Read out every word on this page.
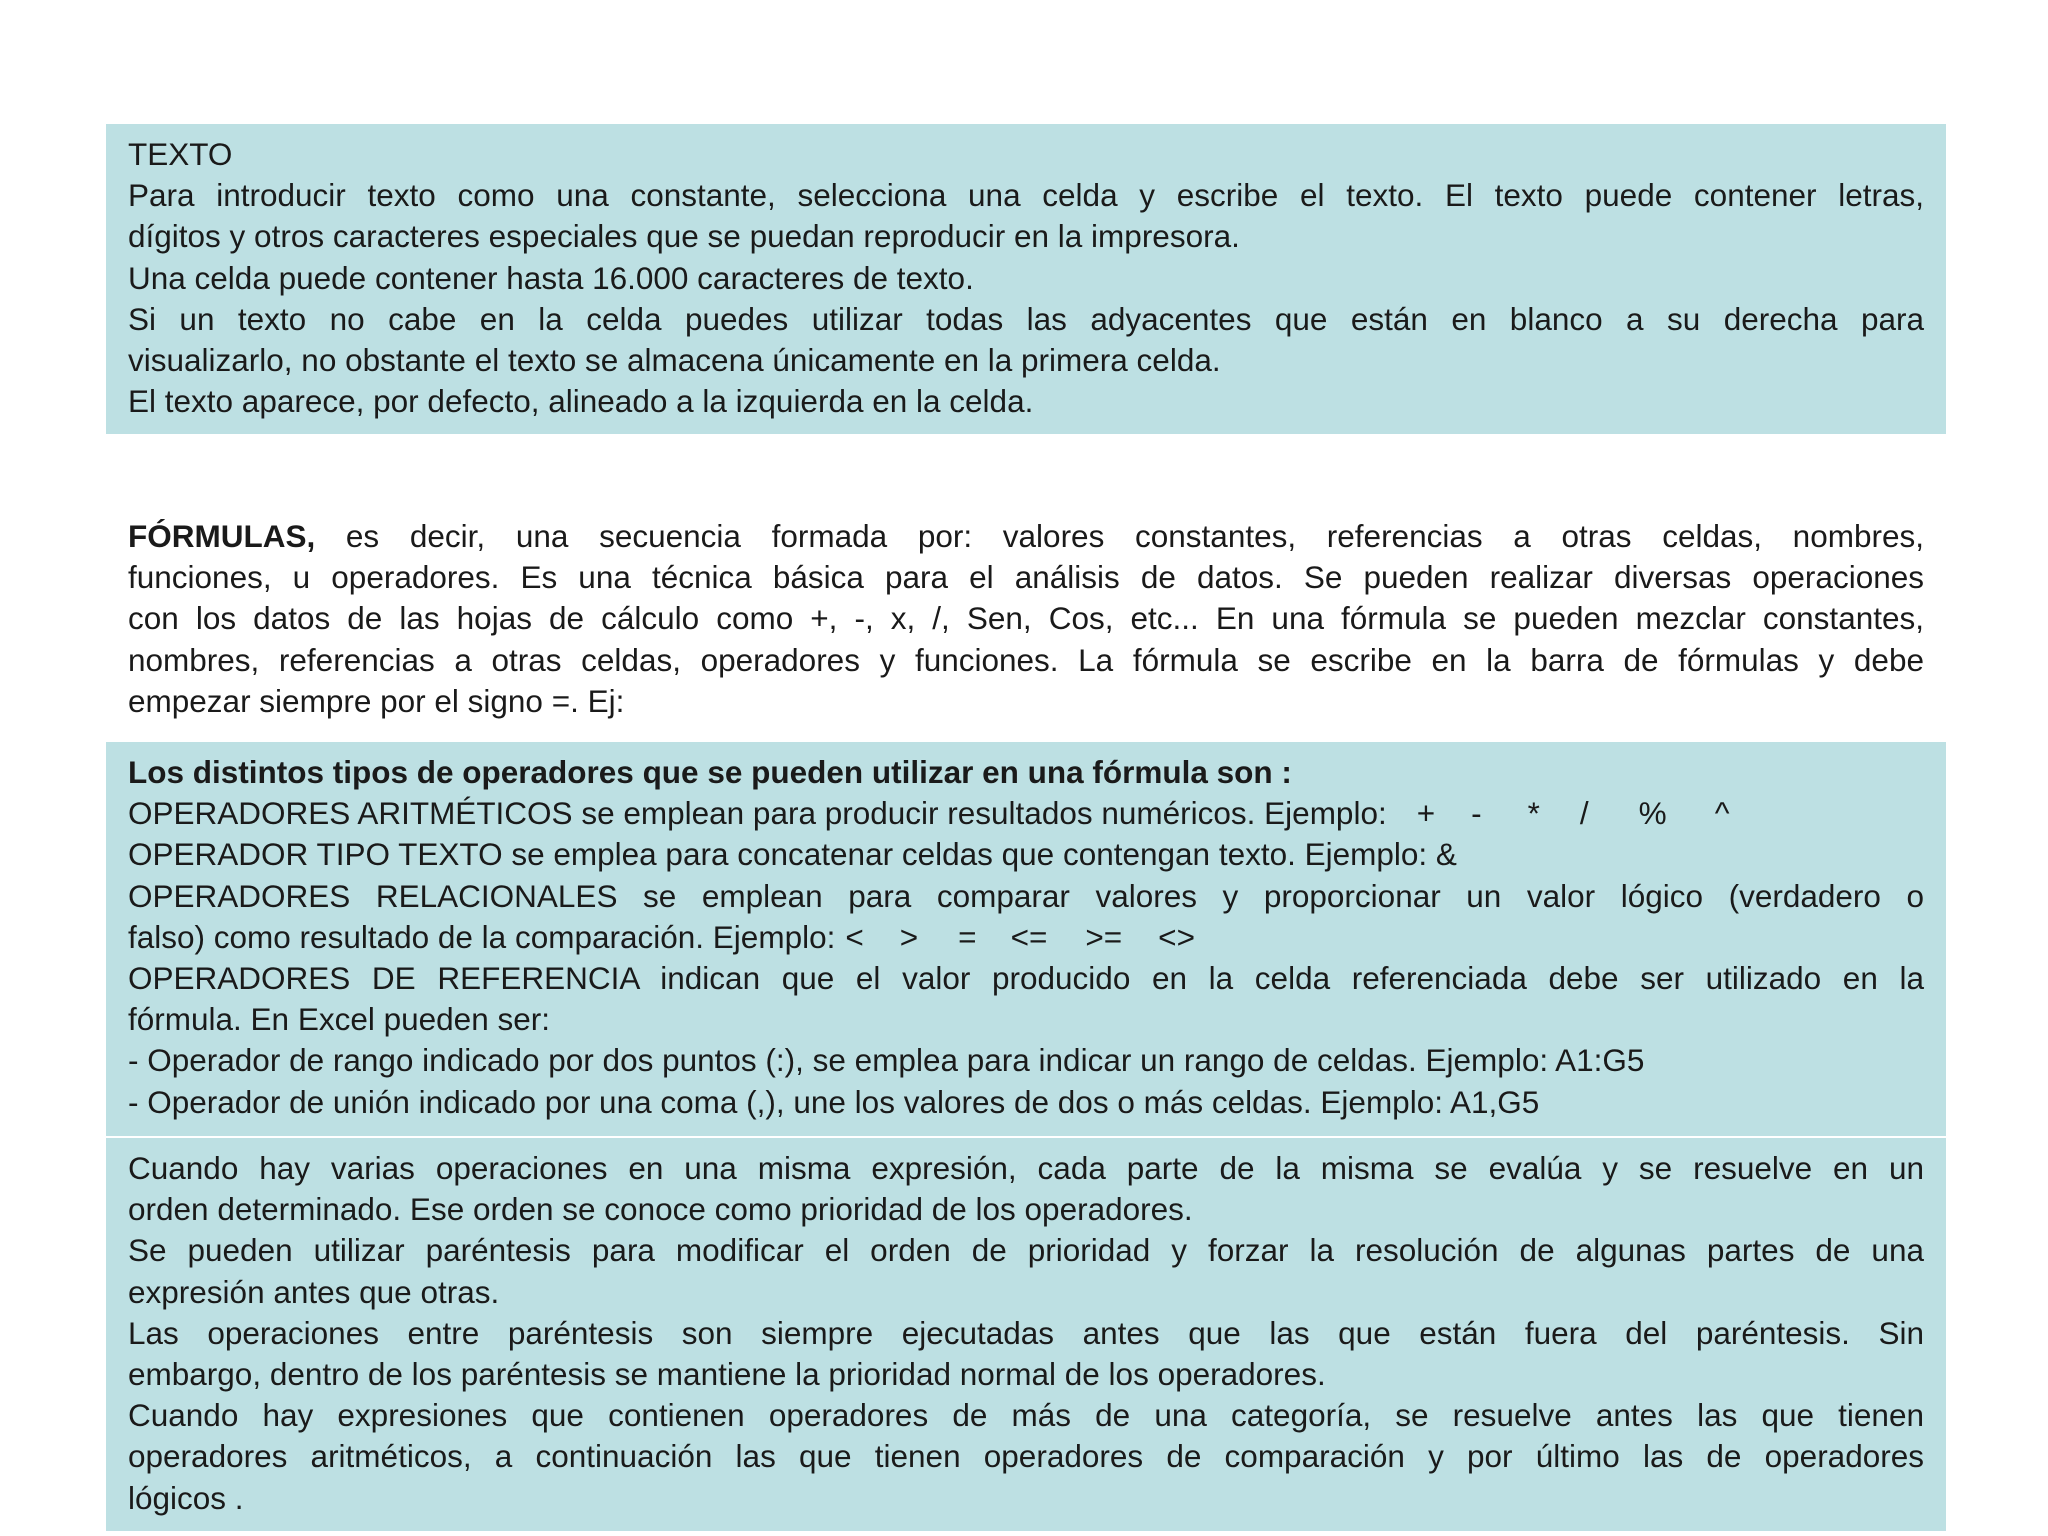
TEXTO

Para introducir texto como una constante, selecciona una celda y escribe el texto. El texto puede contener letras,

dígitos y otros caracteres especiales que se puedan reproducir en la impresora.

Una celda puede contener hasta 16.000 caracteres de texto.

Si un texto no cabe en la celda puedes utilizar todas las adyacentes que están en blanco a su derecha para

visualizarlo, no obstante el texto se almacena únicamente en la primera celda.

El texto aparece, por defecto, alineado a la izquierda en la celda.

FÓRMULAS, es decir, una secuencia formada por: valores constantes, referencias a otras celdas, nombres,

funciones, u operadores. Es una técnica básica para el análisis de datos. Se pueden realizar diversas operaciones

con los datos de las hojas de cálculo como +, -, x, /, Sen, Cos, etc... En una fórmula se pueden mezclar constantes,

nombres, referencias a otras celdas, operadores y funciones. La fórmula se escribe en la barra de fórmulas y debe

empezar siempre por el signo =. Ej:

Los distintos tipos de operadores que se pueden utilizar en una fórmula son :

OPERADORES ARITMÉTICOS se emplean para producir resultados numéricos. Ejemplo: + - * / % ^

OPERADOR TIPO TEXTO se emplea para concatenar celdas que contengan texto. Ejemplo: &

OPERADORES RELACIONALES se emplean para comparar valores y proporcionar un valor lógico (verdadero o

falso) como resultado de la comparación. Ejemplo: < > = <= >= <>

OPERADORES DE REFERENCIA indican que el valor producido en la celda referenciada debe ser utilizado en la

fórmula. En Excel pueden ser:

- Operador de rango indicado por dos puntos (:), se emplea para indicar un rango de celdas. Ejemplo: A1:G5

- Operador de unión indicado por una coma (,), une los valores de dos o más celdas. Ejemplo: A1,G5

Cuando hay varias operaciones en una misma expresión, cada parte de la misma se evalúa y se resuelve en un

orden determinado. Ese orden se conoce como prioridad de los operadores.

Se pueden utilizar paréntesis para modificar el orden de prioridad y forzar la resolución de algunas partes de una

expresión antes que otras.

Las operaciones entre paréntesis son siempre ejecutadas antes que las que están fuera del paréntesis. Sin

embargo, dentro de los paréntesis se mantiene la prioridad normal de los operadores.

Cuando hay expresiones que contienen operadores de más de una categoría, se resuelve antes las que tienen

operadores aritméticos, a continuación las que tienen operadores de comparación y por último las de operadores

lógicos .
